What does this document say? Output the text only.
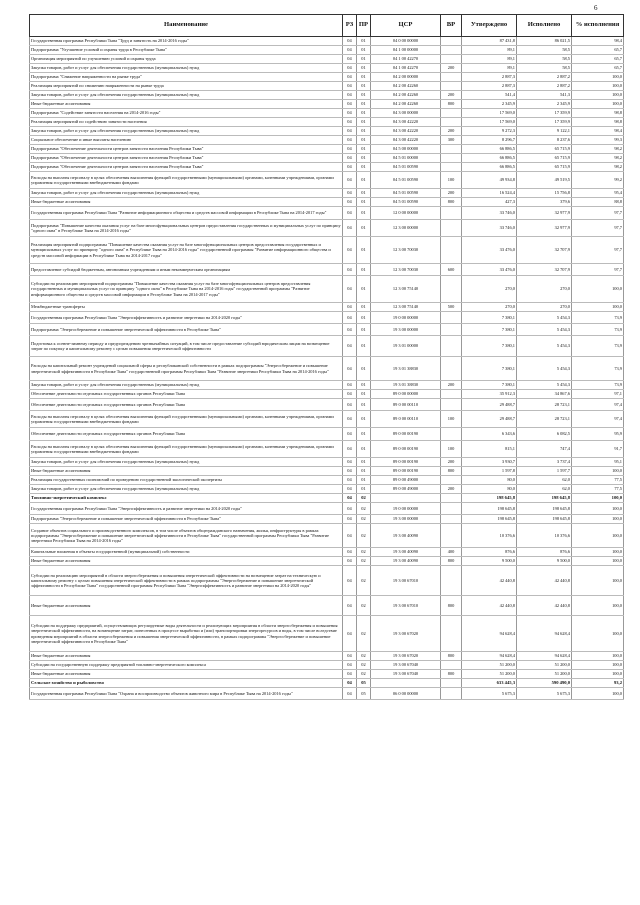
6
Наименование	РЗ	ПР	ЦСР	ВР	Утверждено	Исполнено	% исполнения
Государственная программа Республики Тыва "Труд и занятость на 2014-2016 годы"	04	01	04 0 00 00000		87 431,8	86 021,5	98,4
Подпрограмма "Улучшение условий и охраны труда в Республике Тыва"	04	01	04 1 00 00000		89,1	58,5	65,7
Организация мероприятий по улучшению условий и охраны труда	04	01	04 1 00 42270		89,1	58,5	65,7
Закупка товаров, работ и услуг для обеспечения государственных (муниципальных) нужд	04	01	04 1 00 42270	200	89,1	58,5	65,7
Подпрограмма "Снижение напряженности на рынке труда"	04	01	04 2 00 00000		2 887,3	2 887,2	100,0
Реализация мероприятий по снижению напряженности на рынке труда	04	01	04 2 00 42260		2 887,3	2 887,2	100,0
Закупка товаров, работ и услуг для обеспечения государственных (муниципальных) нужд	04	01	04 2 00 42260	200	541,4	541,3	100,0
Иные бюджетные ассигнования	04	01	04 2 00 42260	800	2 345,9	2 345,9	100,0
Подпрограмма "Содействие занятости населения на 2014-2016 годы"	04	01	04 3 00 00000		17 569,0	17 359,9	98,8
Реализация мероприятий по содействию занятости населения	04	01	04 3 00 42220		17 569,0	17 359,9	98,8
Закупка товаров, работ и услуг для обеспечения государственных (муниципальных) нужд	04	01	04 3 00 42220	200	9 272,3	9 122,1	98,4
Социальное обеспечение и иные выплаты населению	04	01	04 3 00 42220	300	8 296,7	8 237,6	99,3
Подпрограмма "Обеспечение деятельности центров занятости населения Республики Тыва"	04	01	04 5 00 00000		66 886,5	65 715,9	98,2
Подпрограмма "Обеспечение деятельности центров занятости населения Республики Тыва"	04	01	04 5 01 00000		66 886,5	65 715,9	98,2
Подпрограмма "Обеспечение деятельности центров занятости населения Республики Тыва"	04	01	04 5 01 00590		66 886,5	65 715,9	98,2
Расходы на выплаты персоналу в целях обеспечения выполнения функций государственными (муниципальными) органами, казенными учреждениями, органами управления государственными внебюджетными фондами	04	01	04 5 01 00590	100	49 934,8	49 519,5	99,2
Закупка товаров, работ и услуг для обеспечения государственных (муниципальных) нужд	04	01	04 5 01 00590	200	16 524,4	15 756,8	95,4
Иные бюджетные ассигнования	04	01	04 5 01 00590	800	427,3	379,6	88,8
Государственная программа Республики Тыва "Развитие информационного общества и средств массовой информации в Республике Тыва на 2014-2017 годы"	04	01	12 0 00 00000		33 746,0	32 977,9	97,7
Подпрограмма "Повышение качества оказания услуг на базе многофункциональных центров предоставления государственных и муниципальных услуг по принципу "одного окна" в Республике Тыва на 2014-2016 годы"	04	01	12 3 00 00000		33 746,0	32 977,9	97,7
Реализация мероприятий подпрограммы "Повышение качества оказания услуг на базе многофункциональных центров предоставления государственных и муниципальных услуг по принципу "одного окна" в Республике Тыва на 2014-2016 годы" государственной программы "Развитие информационного общества и средств массовой информации в Республике Тыва на 2014-2017 годы"	04	01	12 3 00 70030		33 476,0	32 707,9	97,7
Предоставление субсидий бюджетным, автономным учреждениям и иным некоммерческим организациям	04	01	12 3 00 70030	600	33 476,0	32 707,9	97,7
Субсидии на реализацию мероприятий подпрограммы "Повышение качества оказания услуг на базе многофункциональных центров предоставления государственных и муниципальных услуг по принципу "одного окна" в Республике Тыва на 2014-2016 годы" государственной программы "Развитие информационного общества и средств массовой информации в Республике Тыва на 2014-2017 годы"	04	01	12 3 00 75140		270,0	270,0	100,0
Межбюджетные трансферты	04	01	12 3 00 75140	500	270,0	270,0	100,0
Государственная программа Республики Тыва "Энергоэффективность и развитие энергетики на 2014-2020 годы"	04	01	19 0 00 00000		7 380,1	5 454,3	73,9
Подпрограмма "Энергосбережение и повышение энергетической эффективности в Республике Тыва"	04	01	19 3 00 00000		7 380,1	5 454,3	73,9
Подготовка к осенне-зимнему периоду и предупреждению чрезвычайных ситуаций, в том числе предоставление субсидий юридическим лицам на возмещение затрат по покупку и капитальному ремонту с целью повышения энергетической эффективности	04	01	19 3 01 00000		7 380,1	5 454,3	73,9
Расходы на капитальный ремонт учреждений социальной сферы и республиканской собственности в рамках подпрограммы "Энергосбережение и повышение энергетической эффективности в Республике Тыва" государственной программы Республики Тыва "Развитие энергетики Республики Тыва на 2014-2016 годы"	04	01	19 3 01 38830		7 380,1	5 454,3	73,9
Закупка товаров, работ и услуг для обеспечения государственных (муниципальных) нужд	04	01	19 3 01 38830	200	7 380,1	5 454,3	73,9
Обеспечение деятельности отдельных государственных органов Республики Тыва	04	01	89 0 00 00000		35 912,3	34 867,6	97,1
Обеспечение деятельности отдельных государственных органов Республики Тыва	04	01	89 0 00 00110		29 488,7	28 723,1	97,4
Расходы на выплаты персоналу в целях обеспечения выполнения функций государственными (муниципальными) органами, казенными учреждениями, органами управления государственными внебюджетными фондами	04	01	89 0 00 00110	100	29 488,7	28 723,1	97,4
Обеспечение деятельности отдельных государственных органов Республики Тыва	04	01	89 0 00 00190		6 343,6	6 082,5	95,9
Расходы на выплаты персоналу в целях обеспечения выполнения функций государственными (муниципальными) органами, казенными учреждениями, органами управления государственными внебюджетными фондами	04	01	89 0 00 00190	100	815,1	747,4	91,7
Закупка товаров, работ и услуг для обеспечения государственных (муниципальных) нужд	04	01	89 0 00 00190	200	3 930,7	3 737,4	95,1
Иные бюджетные ассигнования	04	01	89 0 00 00190	800	1 597,8	1 597,7	100,0
Реализация государственных полномочий по проведению государственной экологической экспертизы	04	01	89 0 00 49000		80,0	62,0	77,5
Закупка товаров, работ и услуг для обеспечения государственных (муниципальных) нужд	04	01	89 0 00 49000	200	80,0	62,0	77,5
Топливно-энергетический комплекс	04	02			198 645,8	198 645,8	100,0
Государственная программа Республики Тыва "Энергоэффективность и развитие энергетики на 2014-2020 годы"	04	02	19 0 00 00000		198 645,8	198 645,8	100,0
Подпрограмма "Энергосбережение и повышение энергетической эффективности в Республике Тыва"	04	02	19 3 00 00000		198 645,8	198 645,8	100,0
Создание объектов социального и производственного комплексов, в том числе объектов общегражданского назначения, жилья, инфраструктуры в рамках подпрограммы "Энергосбережение и повышение энергетической эффективности в Республике Тыва" государственной программы Республики Тыва "Развитие энергетики Республики Тыва на 2014-2016 годы"	04	02	19 3 00 40090		10 376,6	10 376,6	100,0
Капитальные вложения в объекты государственной (муниципальной) собственности	04	02	19 3 00 40090	400	876,6	876,6	100,0
Иные бюджетные ассигнования	04	02	19 3 00 40090	800	9 500,0	9 500,0	100,0
Субсидии на реализацию мероприятий в области энергосбережения и повышения энергетической эффективности на возмещение затрат на техническую и капитальному ремонту с целью повышения энергетической эффективности в рамках подпрограммы "Энергосбережение и повышение энергетической эффективности в Республике Тыва" государственной программы Республики Тыва "Энергоэффективность и развитие энергетики на 2014-2020 годы"	04	02	19 3 00 67010		42 440,8	42 440,8	100,0
Иные бюджетные ассигнования	04	02	19 3 00 67010	800	42 440,8	42 440,8	100,0
Субсидии на поддержку предприятий, осуществляющих регулируемые виды деятельности и реализующих мероприятия в области энергосбережения и повышения энергетической эффективности, на возмещение затрат, понесенных в процессе выработки и (или) транспортировки энергоресурсов и воды, в том числе вследствие проведения мероприятий в области энергосбережения и повышения энергетической эффективности, в рамках подпрограммы "Энергосбережение и повышение энергетической эффективности в Республике Тыва"	04	02	19 3 00 67020		94 628,4	94 628,4	100,0
Иные бюджетные ассигнования	04	02	19 3 00 67020	800	94 628,4	94 628,4	100,0
Субсидии на государственную поддержку предприятий топливно-энергетического комплекса	04	02	19 3 00 67040		51 200,0	51 200,0	100,0
Иные бюджетные ассигнования	04	02	19 3 00 67040	800	51 200,0	51 200,0	100,0
Сельское хозяйство и рыболовство	04	05			633 445,3	590 490,0	93,2
Государственная программа Республики Тыва "Охрана и воспроизводство объектов животного мира в Республике Тыва на 2014-2016 годы"	04	05	06 0 00 00000		5 675,3	5 675,3	100,0
